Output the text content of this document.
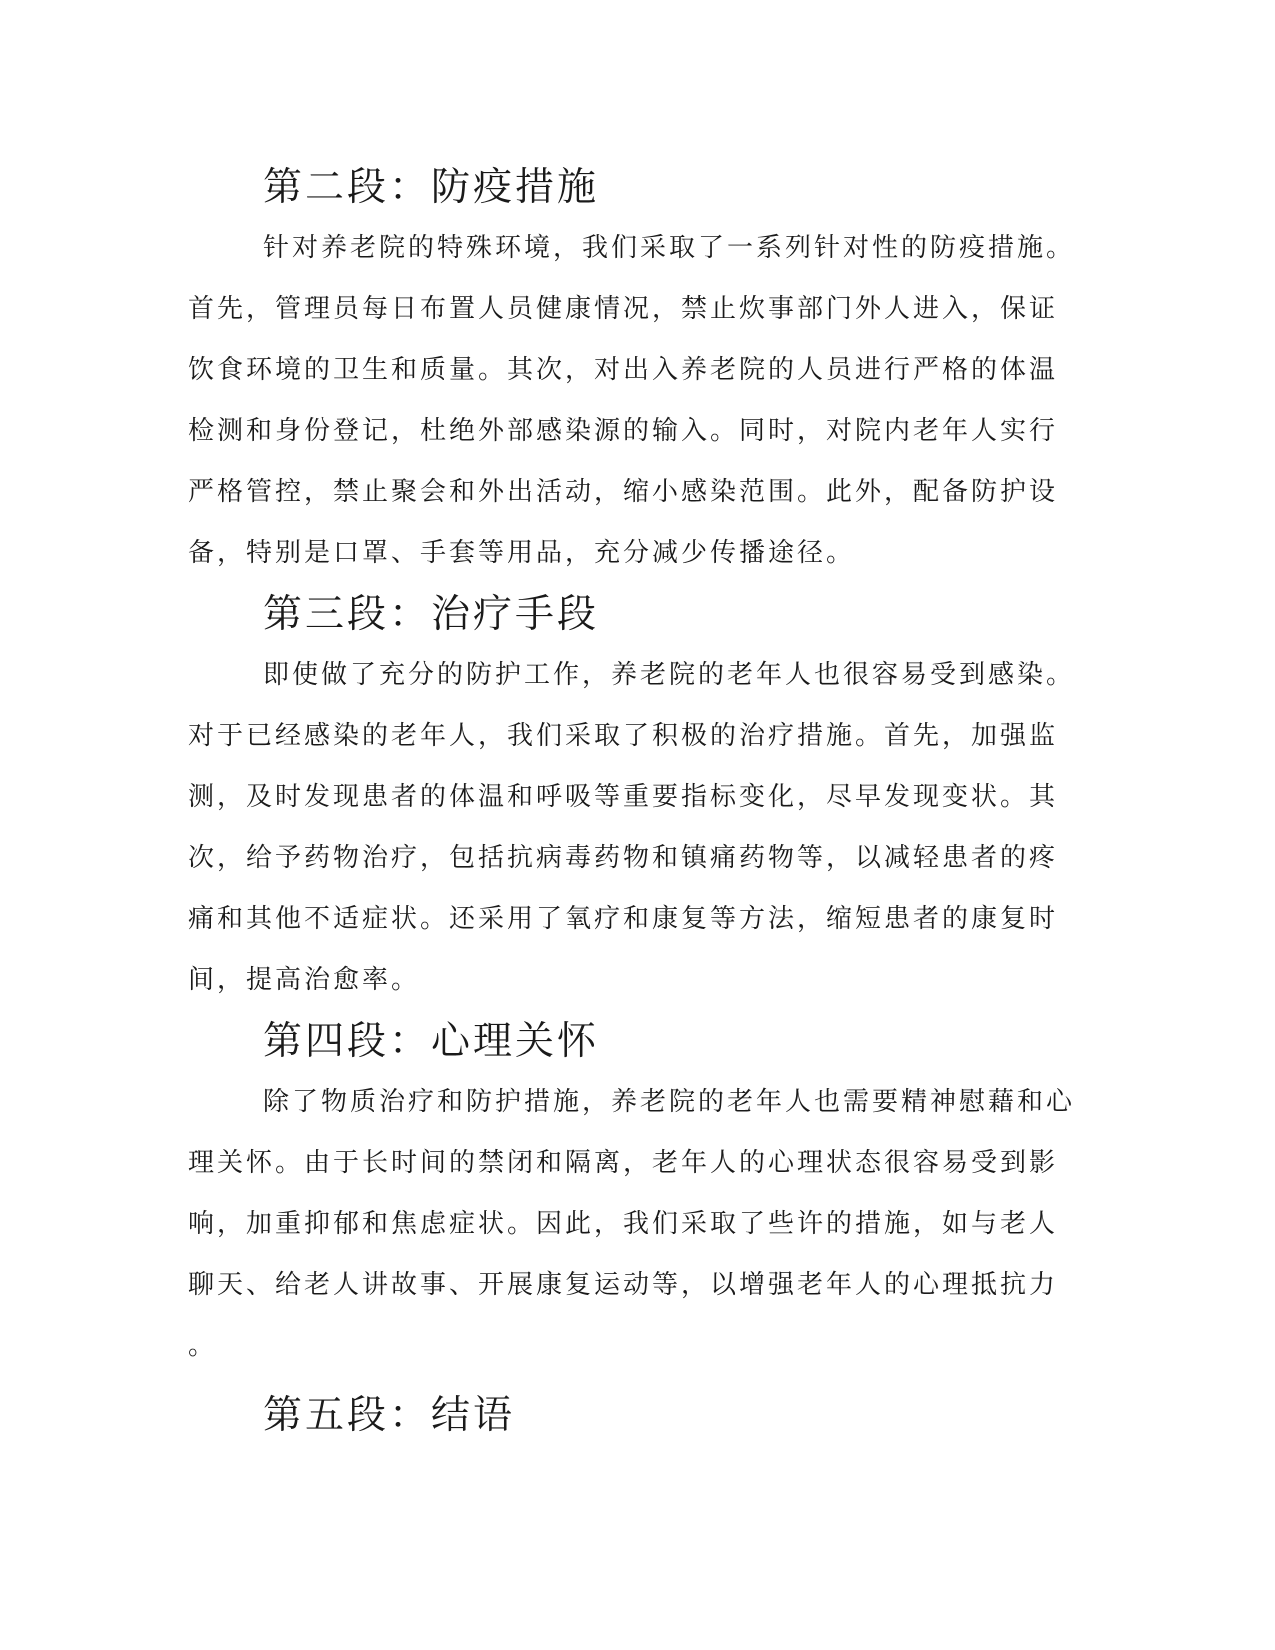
第二段：防疫措施

针对养老院的特殊环境，我们采取了一系列针对性的防疫措施。

首先，管理员每日布置人员健康情况，禁止炊事部门外人进入，保证

饮食环境的卫生和质量。其次，对出入养老院的人员进行严格的体温

检测和身份登记，杜绝外部感染源的输入。同时，对院内老年人实行

严格管控，禁止聚会和外出活动，缩小感染范围。此外，配备防护设

备，特别是口罩、手套等用品，充分减少传播途径。

第三段：治疗手段

即使做了充分的防护工作，养老院的老年人也很容易受到感染。

对于已经感染的老年人，我们采取了积极的治疗措施。首先，加强监

测，及时发现患者的体温和呼吸等重要指标变化，尽早发现变状。其

次，给予药物治疗，包括抗病毒药物和镇痛药物等，以减轻患者的疼

痛和其他不适症状。还采用了氧疗和康复等方法，缩短患者的康复时

间，提高治愈率。

第四段：心理关怀

除了物质治疗和防护措施，养老院的老年人也需要精神慰藉和心

理关怀。由于长时间的禁闭和隔离，老年人的心理状态很容易受到影

响，加重抑郁和焦虑症状。因此，我们采取了些许的措施，如与老人

聊天、给老人讲故事、开展康复运动等，以增强老年人的心理抵抗力

。

第五段：结语
